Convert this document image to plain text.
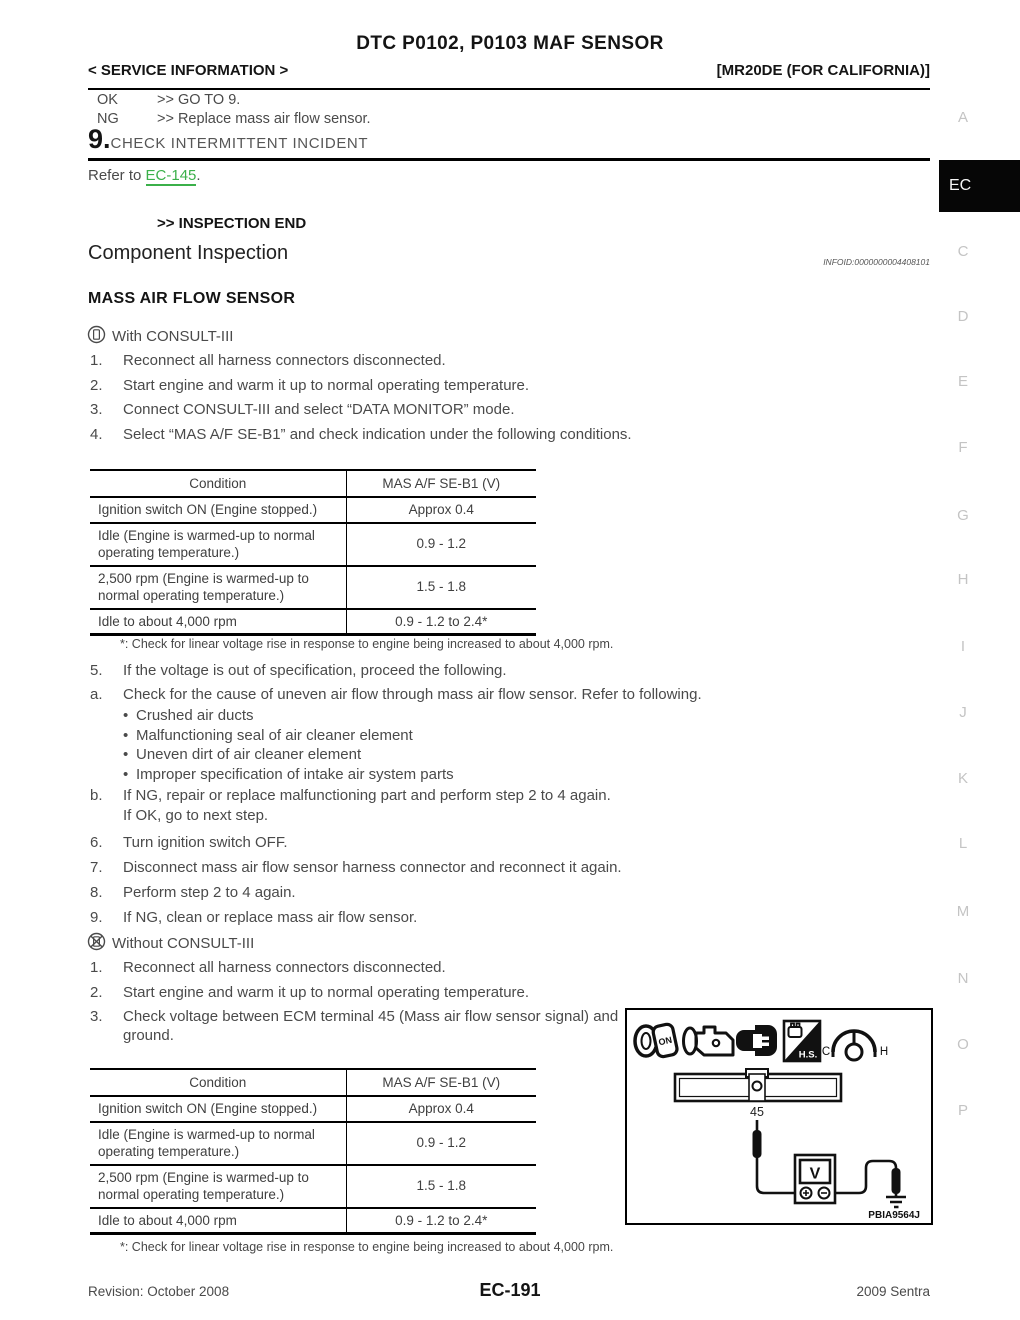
DTC P0102, P0103 MAF SENSOR
< SERVICE INFORMATION >	[MR20DE (FOR CALIFORNIA)]
OK	>> GO TO 9.
NG	>> Replace mass air flow sensor.
9.CHECK INTERMITTENT INCIDENT
Refer to EC-145.
>> INSPECTION END
Component Inspection	INFOID:0000000004408101
MASS AIR FLOW SENSOR
With CONSULT-III
1.	Reconnect all harness connectors disconnected.
2.	Start engine and warm it up to normal operating temperature.
3.	Connect CONSULT-III and select “DATA MONITOR” mode.
4.	Select “MAS A/F SE-B1” and check indication under the following conditions.
Condition	MAS A/F SE-B1 (V)
Ignition switch ON (Engine stopped.)	Approx 0.4
Idle (Engine is warmed-up to normal operating temperature.)	0.9 - 1.2
2,500 rpm (Engine is warmed-up to normal operating temperature.)	1.5 - 1.8
Idle to about 4,000 rpm	0.9 - 1.2 to 2.4*
*: Check for linear voltage rise in response to engine being increased to about 4,000 rpm.
5.	If the voltage is out of specification, proceed the following.
a.	Check for the cause of uneven air flow through mass air flow sensor. Refer to following.
• Crushed air ducts
• Malfunctioning seal of air cleaner element
• Uneven dirt of air cleaner element
• Improper specification of intake air system parts
b.	If NG, repair or replace malfunctioning part and perform step 2 to 4 again.
If OK, go to next step.
6.	Turn ignition switch OFF.
7.	Disconnect mass air flow sensor harness connector and reconnect it again.
8.	Perform step 2 to 4 again.
9.	If NG, clean or replace mass air flow sensor.
Without CONSULT-III
1.	Reconnect all harness connectors disconnected.
2.	Start engine and warm it up to normal operating temperature.
3.	Check voltage between ECM terminal 45 (Mass air flow sensor signal) and ground.	ON
H.S. C	H
45
V
PBIA9564J
Condition	MAS A/F SE-B1 (V)
Ignition switch ON (Engine stopped.)	Approx 0.4
Idle (Engine is warmed-up to normal operating temperature.)	0.9 - 1.2
2,500 rpm (Engine is warmed-up to normal operating temperature.)	1.5 - 1.8
Idle to about 4,000 rpm	0.9 - 1.2 to 2.4*
*: Check for linear voltage rise in response to engine being increased to about 4,000 rpm.
Revision: October 2008	EC-191	2009 Sentra
EC
A
C
D
E
F
G
H
I
J
K
L
M
N
O
P
